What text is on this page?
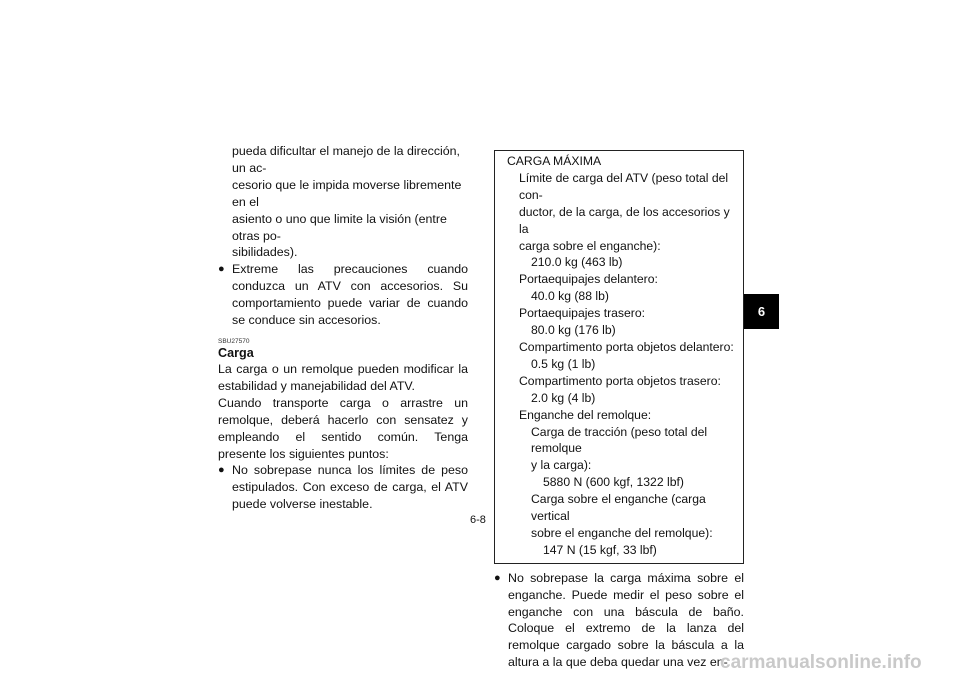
pueda dificultar el manejo de la dirección, un ac-
cesorio que le impida moverse libremente en el
asiento o uno que limite la visión (entre otras po-
sibilidades).
● Extreme las precauciones cuando conduzca un ATV con accesorios. Su comportamiento puede variar de cuando se conduce sin accesorios.
SBU27570
Carga
La carga o un remolque pueden modificar la estabilidad y manejabilidad del ATV.
Cuando transporte carga o arrastre un remolque, deberá hacerlo con sensatez y empleando el sentido común. Tenga presente los siguientes puntos:
● No sobrepase nunca los límites de peso estipulados. Con exceso de carga, el ATV puede volverse inestable.
CARGA MÁXIMA
Límite de carga del ATV (peso total del con-
ductor, de la carga, de los accesorios y la
carga sobre el enganche):
210.0 kg (463 lb)
Portaequipajes delantero:
40.0 kg (88 lb)
Portaequipajes trasero:
80.0 kg (176 lb)
Compartimento porta objetos delantero:
0.5 kg (1 lb)
Compartimento porta objetos trasero:
2.0 kg (4 lb)
Enganche del remolque:
Carga de tracción (peso total del remolque
y la carga):
5880 N (600 kgf, 1322 lbf)
Carga sobre el enganche (carga vertical
sobre el enganche del remolque):
147 N (15 kgf, 33 lbf)
● No sobrepase la carga máxima sobre el enganche. Puede medir el peso sobre el enganche con una báscula de baño. Coloque el extremo de la lanza del remolque cargado sobre la báscula a la altura a la que deba quedar una vez en-
6-8
6
carmanualsonline.info
